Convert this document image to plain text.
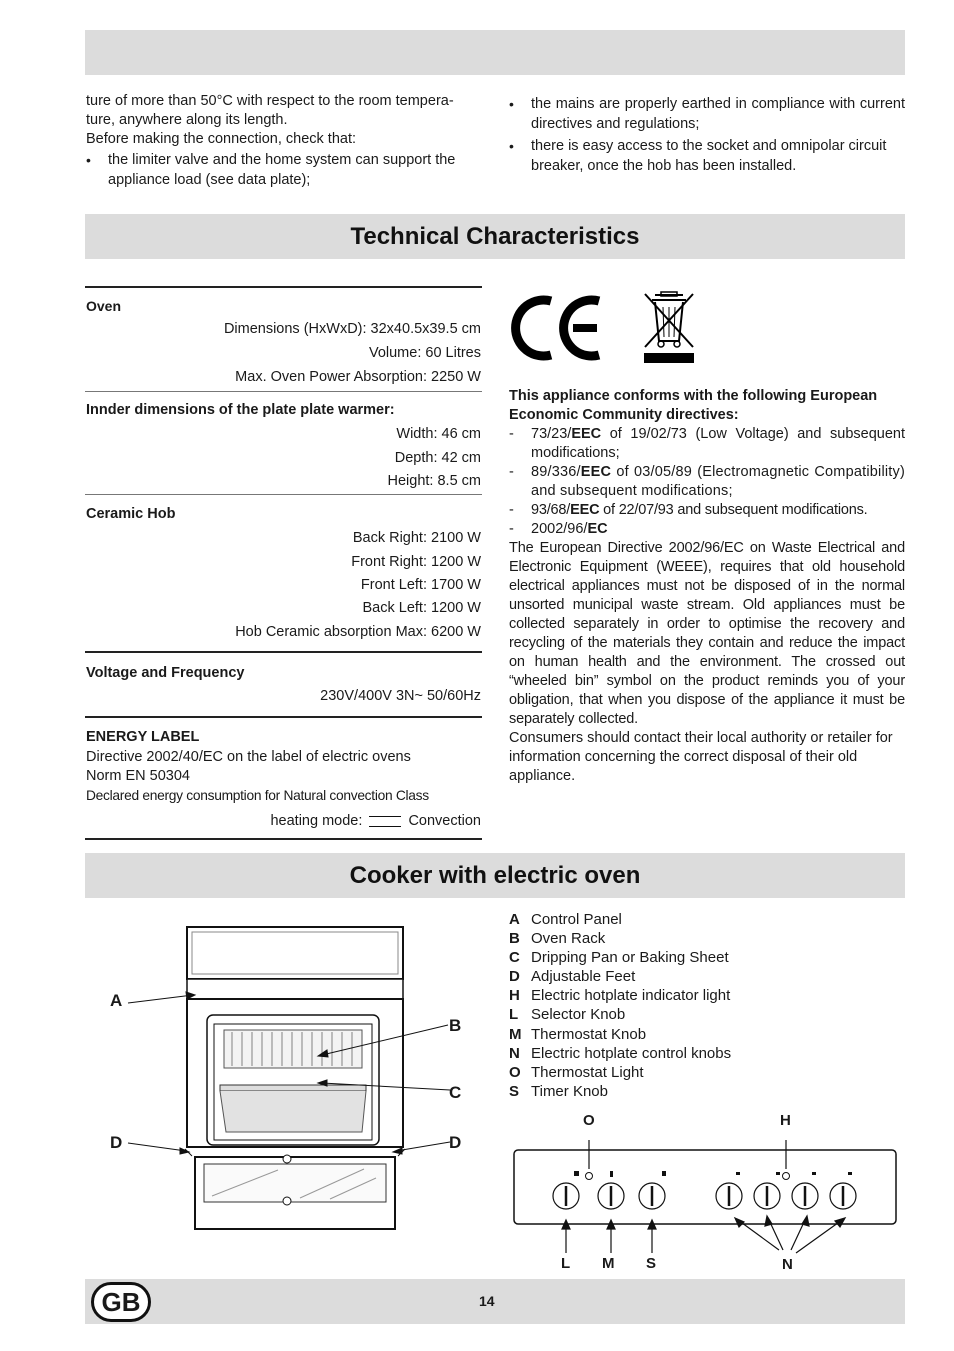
ture of more than 50°C with respect to the room tempera-
ture, anywhere along its length.
Before making the connection, check that:
• the limiter valve and the home system can support the appliance load (see data plate);
• the mains are properly earthed in compliance with current directives and regulations;
• there is easy access to the socket and omnipolar circuit breaker, once the hob has been installed.
Technical Characteristics
Oven
Dimensions (HxWxD): 32x40.5x39.5 cm
Volume: 60 Litres
Max. Oven Power Absorption: 2250 W
Innder dimensions of the plate plate warmer:
Width: 46 cm
Depth: 42 cm
Height: 8.5 cm
Ceramic Hob
Back Right: 2100 W
Front Right: 1200 W
Front Left: 1700 W
Back Left: 1200 W
Hob Ceramic absorption Max: 6200 W
Voltage and Frequency
230V/400V 3N~ 50/60Hz
ENERGY LABEL
Directive 2002/40/EC on the label of electric ovens
Norm EN 50304
Declared energy consumption for Natural convection Class
heating mode:	Convection

This appliance conforms with the following European Economic Community directives:

- 73/23/EEC of 19/02/73 (Low Voltage) and subsequent modifications;
- 89/336/EEC of 03/05/89 (Electromagnetic Compatibility) and subsequent modifications;
- 93/68/EEC of 22/07/93 and subsequent modifications.
- 2002/96/EC

The European Directive 2002/96/EC on Waste Electrical and Electronic Equipment (WEEE), requires that old household electrical appliances must not be disposed of in the normal unsorted municipal waste stream. Old appliances must be collected separately in order to optimise the recovery and recycling of the materials they contain and reduce the impact on human health and the environment. The crossed out “wheeled bin” symbol on the product reminds you of your obligation, that when you dispose of the appliance it must be separately collected.

Consumers should contact their local authority or retailer for information concerning the correct disposal of their old appliance.

Cooker with electric oven
A
B
C
D	D
A Control Panel
B Oven Rack
C Dripping Pan or Baking Sheet
D Adjustable Feet
H Electric hotplate indicator light
L Selector Knob
M Thermostat Knob
N Electric hotplate control knobs
O Thermostat Light
S Timer Knob
O	H
L M S	N
GB	14
